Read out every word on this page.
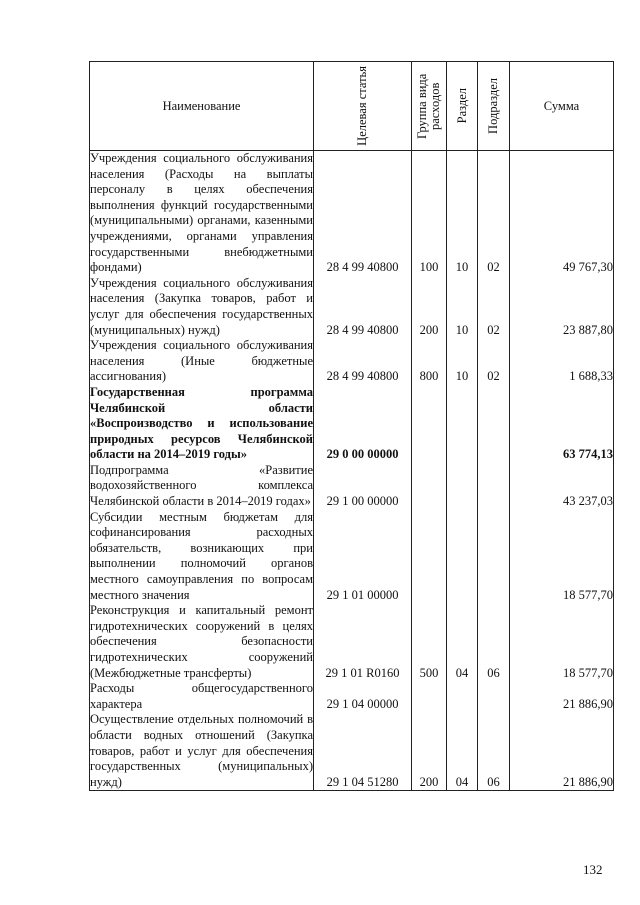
Наименование	Целевая статья	Группа вида расходов	Раздел	Подраздел	Сумма
Учреждения социального обслуживания населения (Расходы на выплаты персоналу в целях обеспечения выполнения функций государственными (муниципальными) органами, казенными учреждениями, органами управления государственными внебюджетными фондами)	28 4 99 40800	100	10	02	49 767,30
Учреждения социального обслуживания населения (Закупка товаров, работ и услуг для обеспечения государственных (муниципальных) нужд)	28 4 99 40800	200	10	02	23 887,80
Учреждения социального обслуживания населения (Иные бюджетные ассигнования)	28 4 99 40800	800	10	02	1 688,33
Государственная программа Челябинской области «Воспроизводство и использование природных ресурсов Челябинской области на 2014–2019 годы»	29 0 00 00000				63 774,13
Подпрограмма «Развитие водохозяйственного комплекса Челябинской области в 2014–2019 годах»	29 1 00 00000				43 237,03
Субсидии местным бюджетам для софинансирования расходных обязательств, возникающих при выполнении полномочий органов местного самоуправления по вопросам местного значения	29 1 01 00000				18 577,70
Реконструкция и капитальный ремонт гидротехнических сооружений в целях обеспечения безопасности гидротехнических сооружений (Межбюджетные трансферты)	29 1 01 R0160	500	04	06	18 577,70
Расходы общегосударственного характера	29 1 04 00000				21 886,90
Осуществление отдельных полномочий в области водных отношений (Закупка товаров, работ и услуг для обеспечения государственных (муниципальных) нужд)	29 1 04 51280	200	04	06	21 886,90
132
